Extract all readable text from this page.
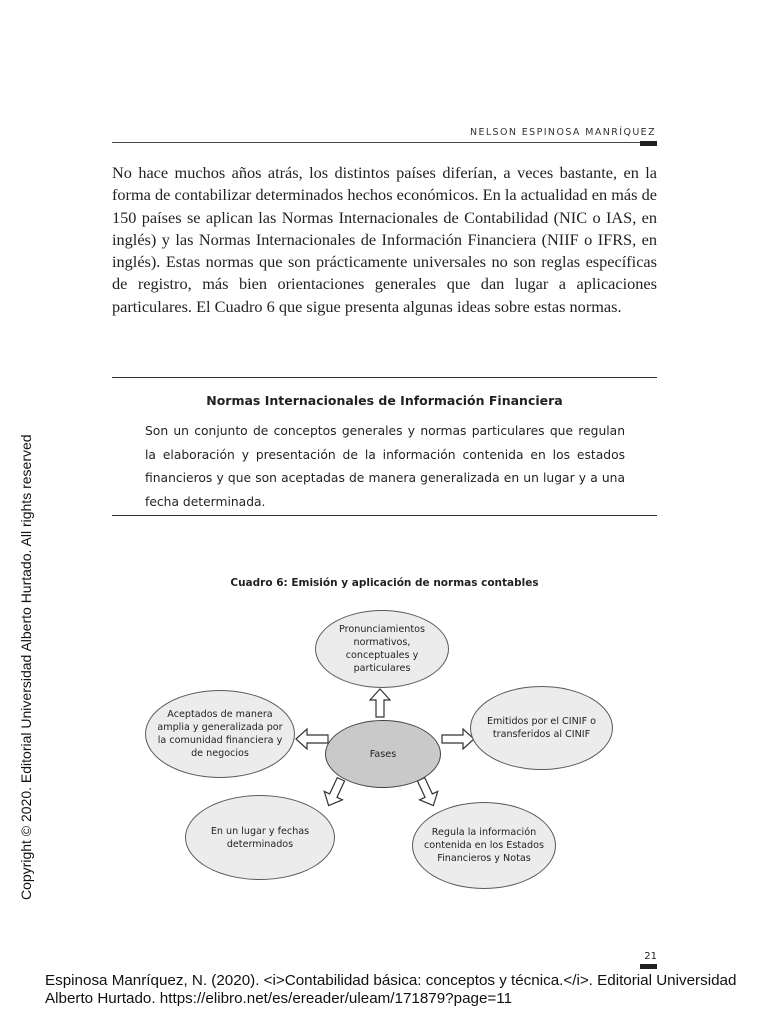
NELSON ESPINOSA MANRÍQUEZ

No hace muchos años atrás, los distintos países diferían, a veces bastante, en la forma de contabilizar determinados hechos económicos. En la actualidad en más de 150 países se aplican las Normas Internacionales de Contabilidad (NIC o IAS, en inglés) y las Normas Internacionales de Información Financiera (NIIF o IFRS, en inglés). Estas normas que son prácticamente universales no son reglas específicas de registro, más bien orientaciones generales que dan lugar a aplicaciones particulares. El Cuadro 6 que sigue presenta algunas ideas sobre estas normas.

Normas Internacionales de Información Financiera

Son un conjunto de conceptos generales y normas particulares que regulan la elaboración y presentación de la información contenida en los estados financieros y que son aceptadas de manera generalizada en un lugar y a una fecha determinada.

Cuadro 6: Emisión y aplicación de normas contables
Pronunciamientos normativos, conceptuales y particulares
Aceptados de manera amplia y generalizada por la comunidad financiera y de negocios	Fases
Emitidos por el CINIF o transferidos al CINIF
En un lugar y fechas determinados
Regula la información contenida en los Estados Financieros y Notas
21
Copyright © 2020. Editorial Universidad Alberto Hurtado. All rights reserved
Espinosa Manríquez, N. (2020). <i>Contabilidad básica: conceptos y técnica.</i>. Editorial Universidad Alberto Hurtado. https://elibro.net/es/ereader/uleam/171879?page=11
